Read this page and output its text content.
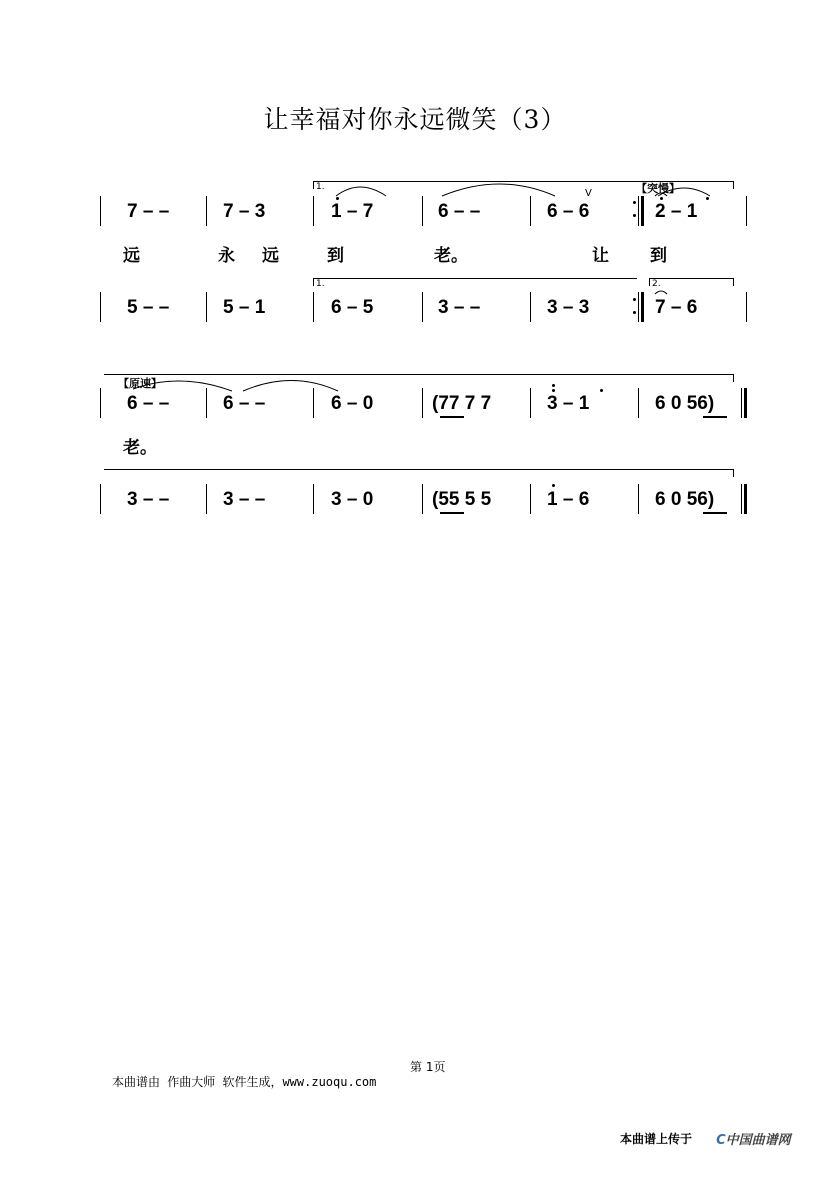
让幸福对你永远微笑（3）
1.	【突慢】
7 – –	7 – 3	1 – 7	6 – –	6 – 6	2 – 1
V
远	永 远	到	老。	让 到
1.	2.
5 – –	5 – 1	6 – 5	3 – –	3 – 3	7 – 6
【原速】
6 – –	6 – –	6 – 0	(77 7 7	3 – 1	6 0 56)
老。
3 – –	3 – –	3 – 0	(55 5 5	1 – 6	6 0 56)
第 1页
本曲谱由 作曲大师 软件生成，www.zuoqu.com
本曲谱上传于	C中国曲谱网
